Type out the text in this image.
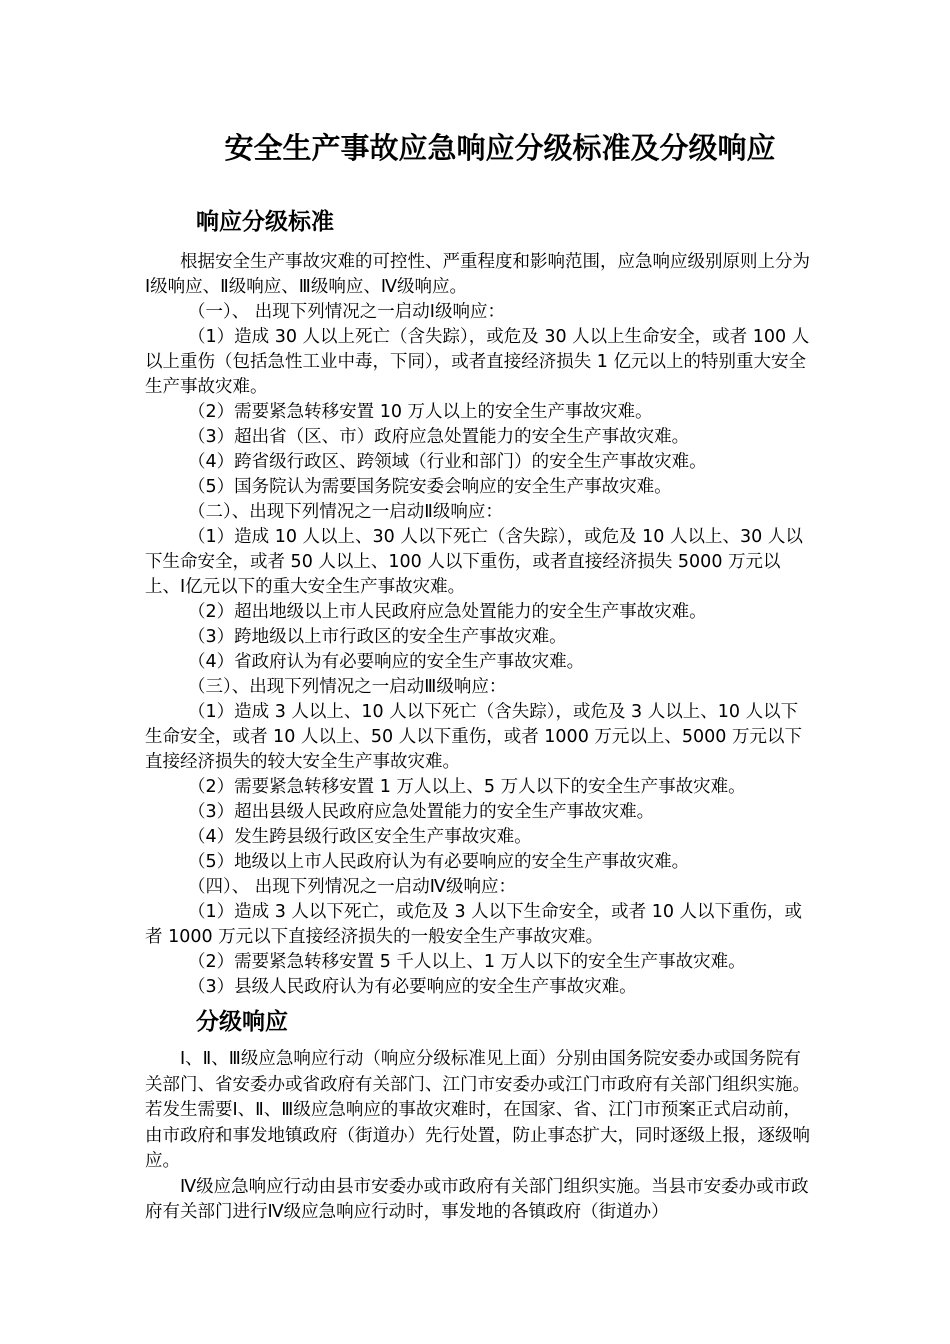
安全生产事故应急响应分级标准及分级响应
响应分级标准

根据安全生产事故灾难的可控性、严重程度和影响范围，应急响应级别原则上分为Ⅰ级响应、Ⅱ级响应、Ⅲ级响应、Ⅳ级响应。

（一）、 出现下列情况之一启动Ⅰ级响应：

（1）造成 30 人以上死亡（含失踪），或危及 30 人以上生命安全，或者 100 人以上重伤（包括急性工业中毒，下同），或者直接经济损失 1 亿元以上的特别重大安全生产事故灾难。

（2）需要紧急转移安置 10 万人以上的安全生产事故灾难。

（3）超出省（区、市）政府应急处置能力的安全生产事故灾难。

（4）跨省级行政区、跨领域（行业和部门）的安全生产事故灾难。

（5）国务院认为需要国务院安委会响应的安全生产事故灾难。

（二）、出现下列情况之一启动Ⅱ级响应：

（1）造成 10 人以上、30 人以下死亡（含失踪），或危及 10 人以上、30 人以下生命安全，或者 50 人以上、100 人以下重伤，或者直接经济损失 5000 万元以上、Ⅰ亿元以下的重大安全生产事故灾难。

（2）超出地级以上市人民政府应急处置能力的安全生产事故灾难。

（3）跨地级以上市行政区的安全生产事故灾难。

（4）省政府认为有必要响应的安全生产事故灾难。

（三）、出现下列情况之一启动Ⅲ级响应：

（1）造成 3 人以上、10 人以下死亡（含失踪），或危及 3 人以上、10 人以下生命安全，或者 10 人以上、50 人以下重伤，或者 1000 万元以上、5000 万元以下直接经济损失的较大安全生产事故灾难。

（2）需要紧急转移安置 1 万人以上、5 万人以下的安全生产事故灾难。

（3）超出县级人民政府应急处置能力的安全生产事故灾难。

（4）发生跨县级行政区安全生产事故灾难。

（5）地级以上市人民政府认为有必要响应的安全生产事故灾难。

（四）、 出现下列情况之一启动Ⅳ级响应：

（1）造成 3 人以下死亡，或危及 3 人以下生命安全，或者 10 人以下重伤，或者 1000 万元以下直接经济损失的一般安全生产事故灾难。

（2）需要紧急转移安置 5 千人以上、1 万人以下的安全生产事故灾难。

（3）县级人民政府认为有必要响应的安全生产事故灾难。

分级响应

Ⅰ、Ⅱ、Ⅲ级应急响应行动（响应分级标准见上面）分别由国务院安委办或国务院有关部门、省安委办或省政府有关部门、江门市安委办或江门市政府有关部门组织实施。若发生需要Ⅰ、Ⅱ、Ⅲ级应急响应的事故灾难时，在国家、省、江门市预案正式启动前，由市政府和事发地镇政府（街道办）先行处置，防止事态扩大，同时逐级上报，逐级响应。

Ⅳ级应急响应行动由县市安委办或市政府有关部门组织实施。当县市安委办或市政府有关部门进行Ⅳ级应急响应行动时，事发地的各镇政府（街道办）
